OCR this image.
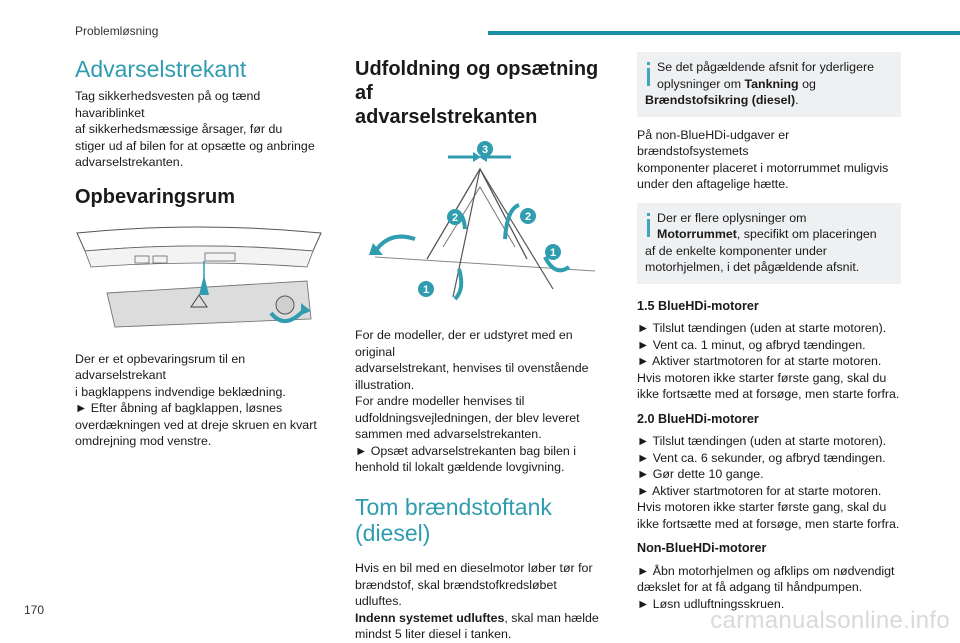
Problemløsning
Advarselstrekant

Tag sikkerhedsvesten på og tænd havariblinket

af sikkerhedsmæssige årsager, før du

stiger ud af bilen for at opsætte og anbringe

advarselstrekanten.

Opbevaringsrum

Der er et opbevaringsrum til en advarselstrekant

i bagklappens indvendige beklædning.

► Efter åbning af bagklappen, løsnes

overdækningen ved at dreje skruen en kvart

omdrejning mod venstre.

Udfoldning og opsætning af
advarselstrekanten
3
2	2
1
1

For de modeller, der er udstyret med en original

advarselstrekant, henvises til ovenstående

illustration.

For andre modeller henvises til

udfoldningsvejledningen, der blev leveret

sammen med advarselstrekanten.

► Opsæt advarselstrekanten bag bilen i

henhold til lokalt gældende lovgivning.

Tom brændstoftank
(diesel)

Hvis en bil med en dieselmotor løber tør for

brændstof, skal brændstofkredsløbet udluftes.

Indenn systemet udluftes, skal man hælde

mindst 5 liter diesel i tanken.

Se det pågældende afsnit for yderligere
oplysninger om Tankning og
Brændstofsikring (diesel).

På non-BlueHDi-udgaver er brændstofsystemets

komponenter placeret i motorrummet muligvis

under den aftagelige hætte.

Der er flere oplysninger om
Motorrummet, specifikt om placeringen
af de enkelte komponenter under
motorhjelmen, i det pågældende afsnit.

1.5 BlueHDi-motorer

► Tilslut tændingen (uden at starte motoren).

► Vent ca. 1 minut, og afbryd tændingen.

► Aktiver startmotoren for at starte motoren.

Hvis motoren ikke starter første gang, skal du

ikke fortsætte med at forsøge, men starte forfra.

2.0 BlueHDi-motorer

► Tilslut tændingen (uden at starte motoren).

► Vent ca. 6 sekunder, og afbryd tændingen.

► Gør dette 10 gange.

► Aktiver startmotoren for at starte motoren.

Hvis motoren ikke starter første gang, skal du

ikke fortsætte med at forsøge, men starte forfra.

Non-BlueHDi-motorer

► Åbn motorhjelmen og afklips om nødvendigt

dækslet for at få adgang til håndpumpen.

► Løsn udluftningsskruen.

170	carmanualsonline.info
